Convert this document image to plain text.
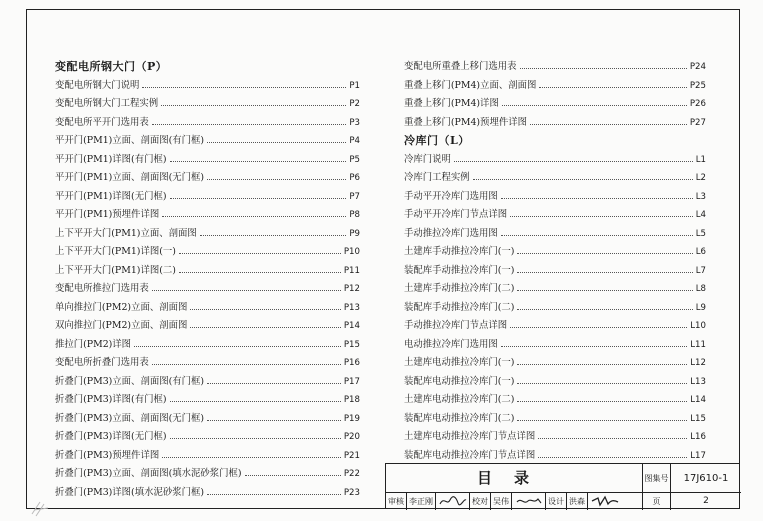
变配电所钢大门（P）
变配电所钢大门说明	P1
变配电所钢大门工程实例	P2
变配电所平开门选用表	P3
平开门(PM1)立面、剖面图(有门框)	P4
平开门(PM1)详图(有门框)	P5
平开门(PM1)立面、剖面图(无门框)	P6
平开门(PM1)详图(无门框)	P7
平开门(PM1)预埋件详图	P8
上下平开大门(PM1)立面、剖面图	P9
上下平开大门(PM1)详图(一)	P10
上下平开大门(PM1)详图(二)	P11
变配电所推拉门选用表	P12
单向推拉门(PM2)立面、剖面图	P13
双向推拉门(PM2)立面、剖面图	P14
推拉门(PM2)详图	P15
变配电所折叠门选用表	P16
折叠门(PM3)立面、剖面图(有门框)	P17
折叠门(PM3)详图(有门框)	P18
折叠门(PM3)立面、剖面图(无门框)	P19
折叠门(PM3)详图(无门框)	P20
折叠门(PM3)预埋件详图	P21
折叠门(PM3)立面、剖面图(填水泥砂浆门框)	P22
折叠门(PM3)详图(填水泥砂浆门框)	P23
变配电所重叠上移门选用表	P24
重叠上移门(PM4)立面、剖面图	P25
重叠上移门(PM4)详图	P26
重叠上移门(PM4)预埋件详图	P27
冷库门（L）
冷库门说明	L1
冷库门工程实例	L2
手动平开冷库门选用图	L3
手动平开冷库门节点详图	L4
手动推拉冷库门选用图	L5
土建库手动推拉冷库门(一)	L6
装配库手动推拉冷库门(一)	L7
土建库手动推拉冷库门(二)	L8
装配库手动推拉冷库门(二)	L9
手动推拉冷库门节点详图	L10
电动推拉冷库门选用图	L11
土建库电动推拉冷库门(一)	L12
装配库电动推拉冷库门(一)	L13
土建库电动推拉冷库门(二)	L14
装配库电动推拉冷库门(二)	L15
土建库电动推拉冷库门节点详图	L16
装配库电动推拉冷库门节点详图	L17
目录	图集号	17J610-1
审核 李正刚	校对 吴伟	设计 洪森	页	2
